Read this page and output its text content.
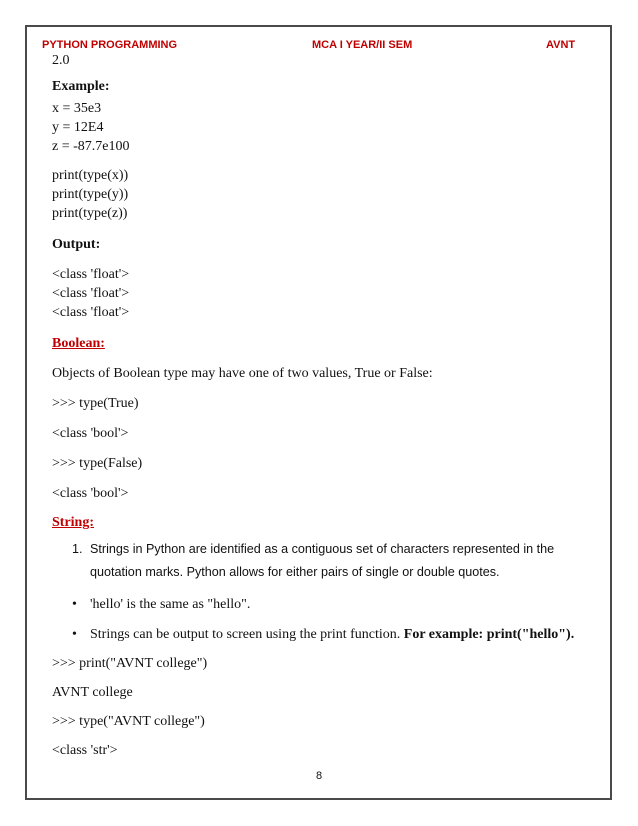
PYTHON PROGRAMMING	MCA I YEAR/II SEM	AVNT
2.0
Example:
x = 35e3
y = 12E4
z = -87.7e100
print(type(x))
print(type(y))
print(type(z))
Output:
<class 'float'>
<class 'float'>
<class 'float'>
Boolean:
Objects of Boolean type may have one of two values, True or False:
>>> type(True)
<class 'bool'>
>>> type(False)
<class 'bool'>
String:
1. Strings in Python are identified as a contiguous set of characters represented in the
quotation marks. Python allows for either pairs of single or double quotes.
• 'hello' is the same as "hello".
• Strings can be output to screen using the print function. For example: print("hello").
>>> print("AVNT college")
AVNT college
>>> type("AVNT college")
<class 'str'>
8
